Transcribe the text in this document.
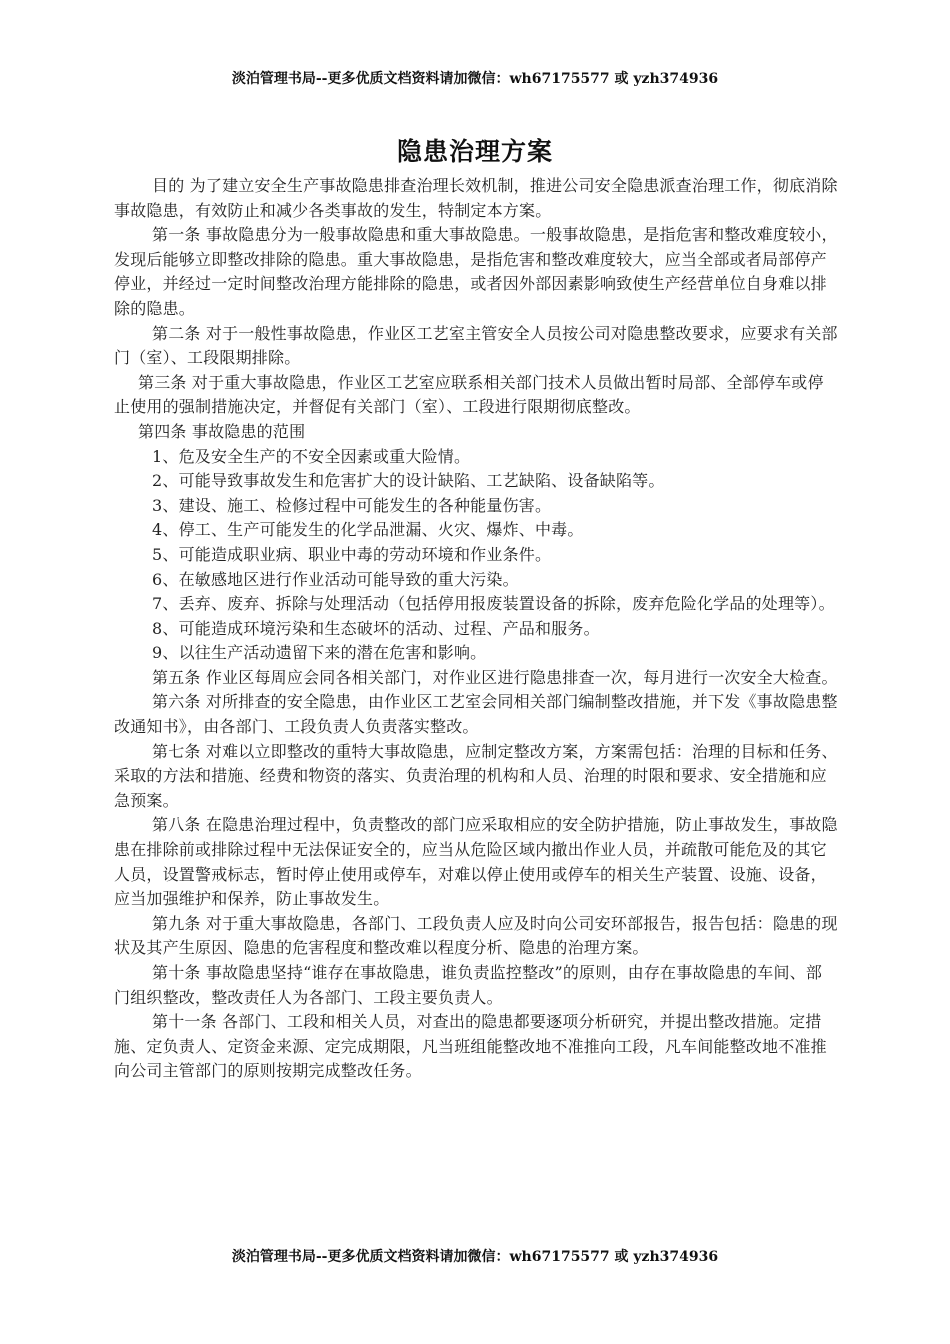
淡泊管理书局--更多优质文档资料请加微信：wh67175577 或 yzh374936
隐患治理方案

目的 为了建立安全生产事故隐患排查治理长效机制，推进公司安全隐患派查治理工作，彻底消除事故隐患，有效防止和减少各类事故的发生，特制定本方案。

第一条 事故隐患分为一般事故隐患和重大事故隐患。一般事故隐患，是指危害和整改难度较小，发现后能够立即整改排除的隐患。重大事故隐患，是指危害和整改难度较大，应当全部或者局部停产停业，并经过一定时间整改治理方能排除的隐患，或者因外部因素影响致使生产经营单位自身难以排除的隐患。

第二条 对于一般性事故隐患，作业区工艺室主管安全人员按公司对隐患整改要求，应要求有关部门（室）、工段限期排除。

第三条 对于重大事故隐患，作业区工艺室应联系相关部门技术人员做出暂时局部、全部停车或停止使用的强制措施决定，并督促有关部门（室）、工段进行限期彻底整改。

第四条 事故隐患的范围

1、危及安全生产的不安全因素或重大险情。

2、可能导致事故发生和危害扩大的设计缺陷、工艺缺陷、设备缺陷等。

3、建设、施工、检修过程中可能发生的各种能量伤害。

4、停工、生产可能发生的化学品泄漏、火灾、爆炸、中毒。

5、可能造成职业病、职业中毒的劳动环境和作业条件。

6、在敏感地区进行作业活动可能导致的重大污染。

7、丢弃、废弃、拆除与处理活动（包括停用报废装置设备的拆除，废弃危险化学品的处理等）。

8、可能造成环境污染和生态破坏的活动、过程、产品和服务。

9、以往生产活动遗留下来的潜在危害和影响。

第五条 作业区每周应会同各相关部门，对作业区进行隐患排查一次，每月进行一次安全大检查。

第六条 对所排查的安全隐患，由作业区工艺室会同相关部门编制整改措施，并下发《事故隐患整改通知书》，由各部门、工段负责人负责落实整改。

第七条 对难以立即整改的重特大事故隐患，应制定整改方案，方案需包括：治理的目标和任务、采取的方法和措施、经费和物资的落实、负责治理的机构和人员、治理的时限和要求、安全措施和应急预案。

第八条 在隐患治理过程中，负责整改的部门应采取相应的安全防护措施，防止事故发生，事故隐患在排除前或排除过程中无法保证安全的，应当从危险区域内撤出作业人员，并疏散可能危及的其它人员，设置警戒标志，暂时停止使用或停车，对难以停止使用或停车的相关生产装置、设施、设备，应当加强维护和保养，防止事故发生。

第九条 对于重大事故隐患，各部门、工段负责人应及时向公司安环部报告，报告包括：隐患的现状及其产生原因、隐患的危害程度和整改难以程度分析、隐患的治理方案。

第十条 事故隐患坚持“谁存在事故隐患，谁负责监控整改”的原则，由存在事故隐患的车间、部门组织整改，整改责任人为各部门、工段主要负责人。

第十一条 各部门、工段和相关人员，对查出的隐患都要逐项分析研究，并提出整改措施。定措施、定负责人、定资金来源、定完成期限，凡当班组能整改地不准推向工段，凡车间能整改地不准推向公司主管部门的原则按期完成整改任务。

淡泊管理书局--更多优质文档资料请加微信：wh67175577 或 yzh374936
